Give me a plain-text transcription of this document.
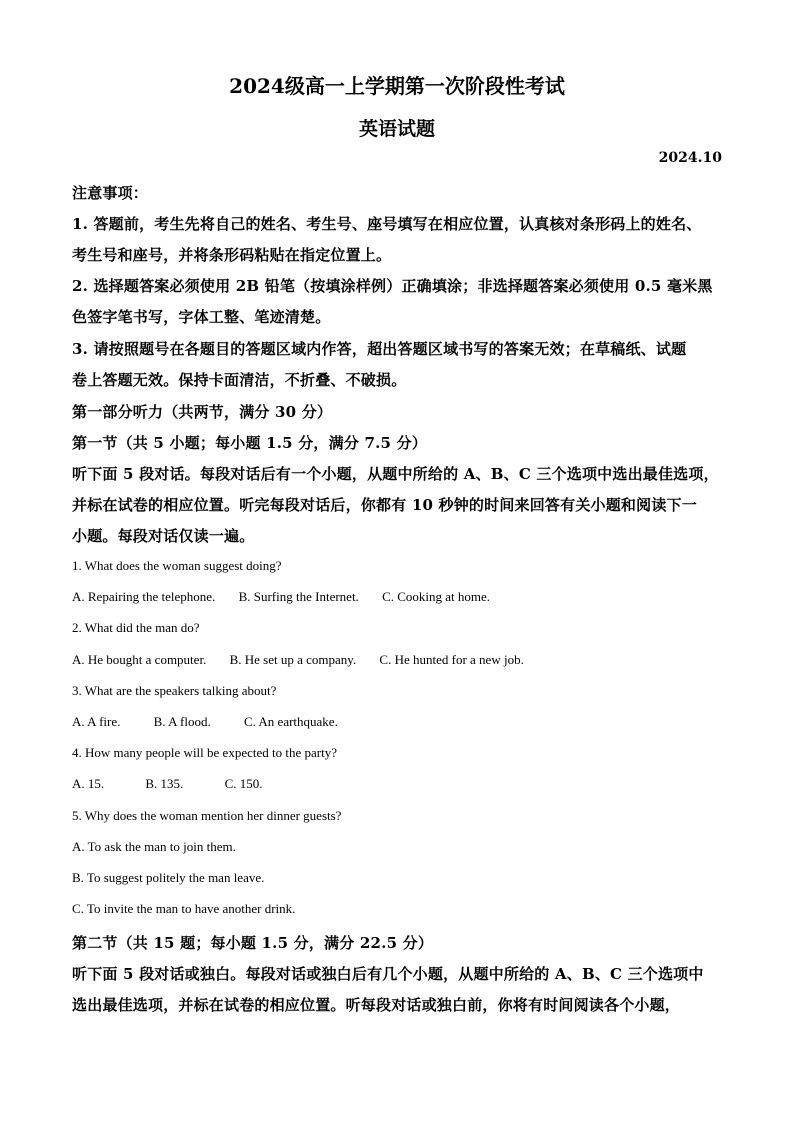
2024级高一上学期第一次阶段性考试
英语试题
2024.10
注意事项：
1. 答题前，考生先将自己的姓名、考生号、座号填写在相应位置，认真核对条形码上的姓名、
考生号和座号，并将条形码粘贴在指定位置上。
2. 选择题答案必须使用 2B 铅笔（按填涂样例）正确填涂；非选择题答案必须使用 0.5 毫米黑
色签字笔书写，字体工整、笔迹清楚。
3. 请按照题号在各题目的答题区域内作答，超出答题区域书写的答案无效；在草稿纸、试题
卷上答题无效。保持卡面清洁，不折叠、不破损。
第一部分听力（共两节，满分 30 分）
第一节（共 5 小题；每小题 1.5 分，满分 7.5 分）
听下面 5 段对话。每段对话后有一个小题，从题中所给的 A、B、C 三个选项中选出最佳选项，
并标在试卷的相应位置。听完每段对话后，你都有 10 秒钟的时间来回答有关小题和阅读下一
小题。每段对话仅读一遍。
1. What does the woman suggest doing?
A. Repairing the telephone. B. Surfing the Internet. C. Cooking at home.
2. What did the man do?
A. He bought a computer. B. He set up a company. C. He hunted for a new job.
3. What are the speakers talking about?
A. A fire.	B. A flood.	C. An earthquake.
4. How many people will be expected to the party?
A. 15.	B. 135.	C. 150.
5. Why does the woman mention her dinner guests?
A. To ask the man to join them.
B. To suggest politely the man leave.
C. To invite the man to have another drink.
第二节（共 15 题；每小题 1.5 分，满分 22.5 分）
听下面 5 段对话或独白。每段对话或独白后有几个小题，从题中所给的 A、B、C 三个选项中
选出最佳选项，并标在试卷的相应位置。听每段对话或独白前，你将有时间阅读各个小题，
